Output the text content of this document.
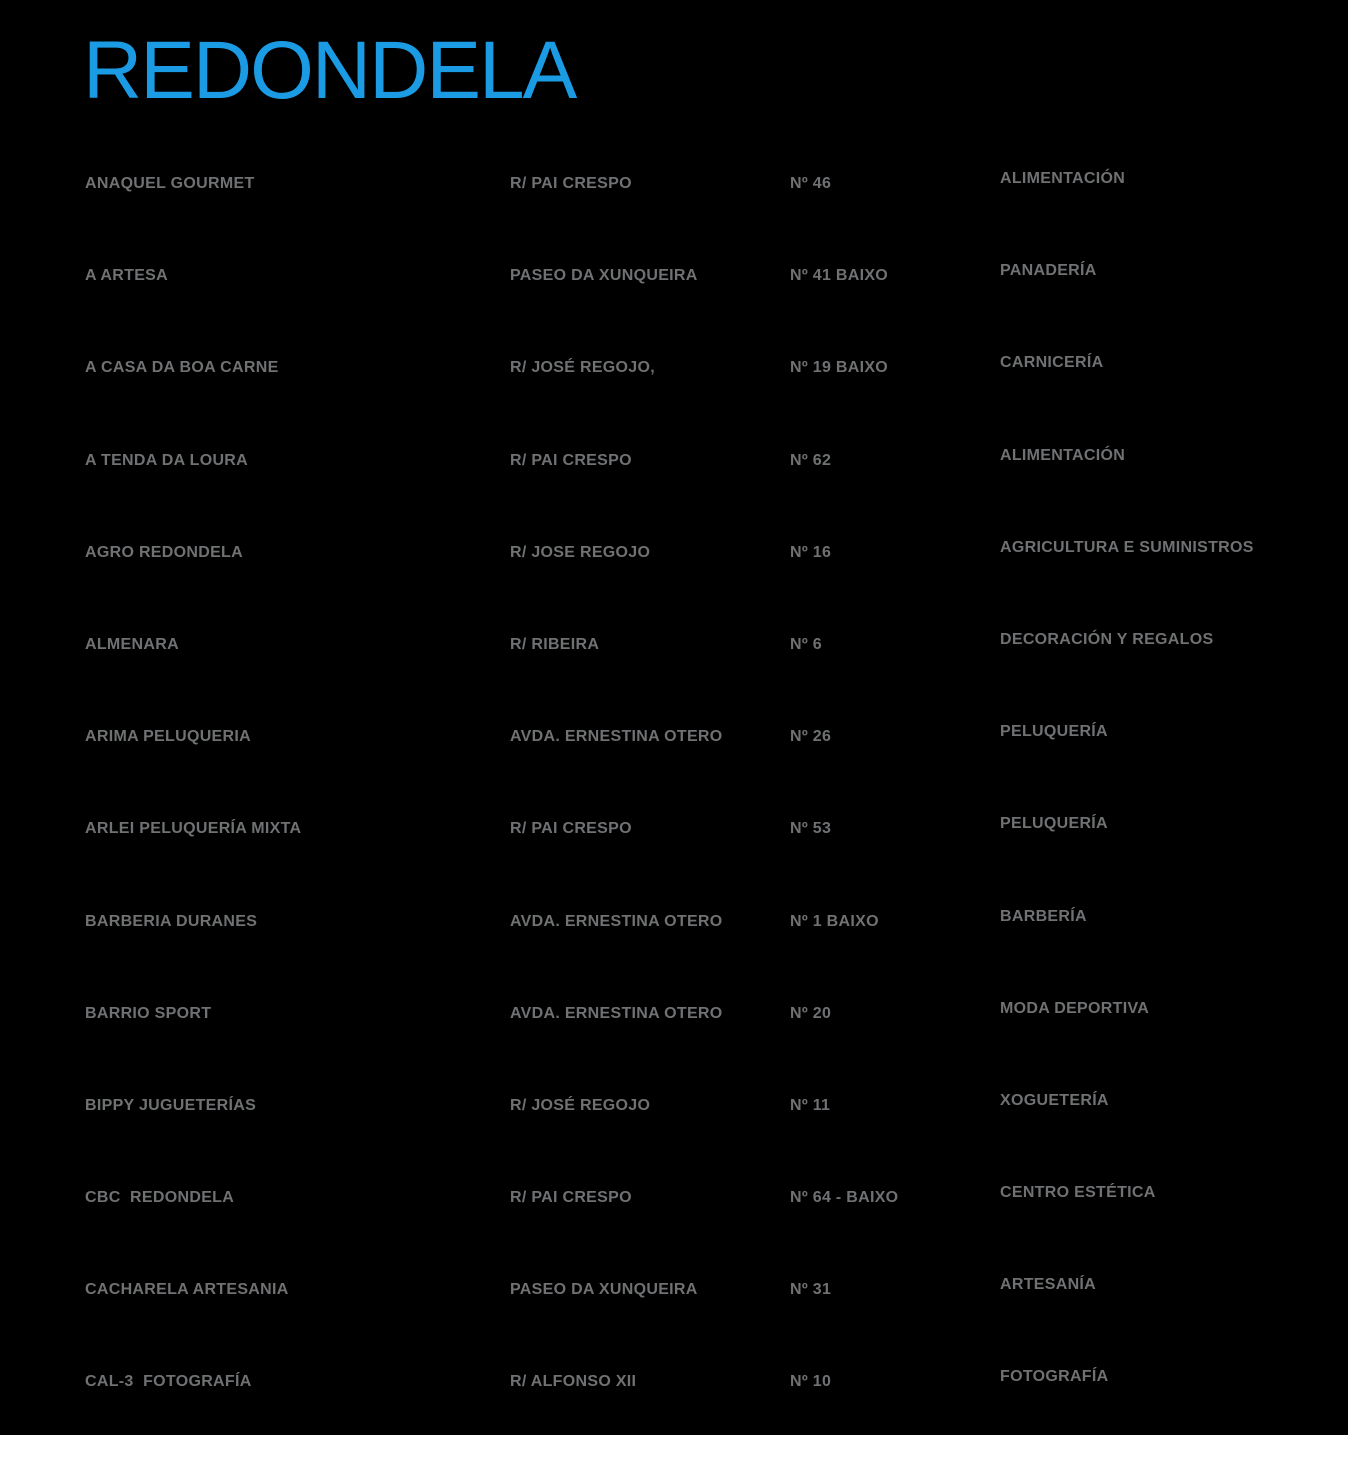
REDONDELA
ANAQUEL GOURMET	R/ PAI CRESPO	Nº 46	ALIMENTACIÓN
A ARTESA	PASEO DA XUNQUEIRA	Nº 41 BAIXO	PANADERÍA
A CASA DA BOA CARNE	R/ JOSÉ REGOJO,	Nº 19 BAIXO	CARNICERÍA
A TENDA DA LOURA	R/ PAI CRESPO	Nº 62	ALIMENTACIÓN
AGRO REDONDELA	R/ JOSE REGOJO	Nº 16	AGRICULTURA E SUMINISTROS
ALMENARA	R/ RIBEIRA	Nº 6	DECORACIÓN Y REGALOS
ARIMA PELUQUERIA	AVDA. ERNESTINA OTERO	Nº 26	PELUQUERÍA
ARLEI PELUQUERÍA MIXTA	R/ PAI CRESPO	Nº 53	PELUQUERÍA
BARBERIA DURANES	AVDA. ERNESTINA OTERO	Nº 1 BAIXO	BARBERÍA
BARRIO SPORT	AVDA. ERNESTINA OTERO	Nº 20	MODA DEPORTIVA
BIPPY JUGUETERÍAS	R/ JOSÉ REGOJO	Nº 11	XOGUETERÍA
CBC  REDONDELA	R/ PAI CRESPO	Nº 64 - BAIXO	CENTRO ESTÉTICA
CACHARELA ARTESANIA	PASEO DA XUNQUEIRA	Nº 31	ARTESANÍA
CAL-3  FOTOGRAFÍA	R/ ALFONSO XII	Nº 10	FOTOGRAFÍA
